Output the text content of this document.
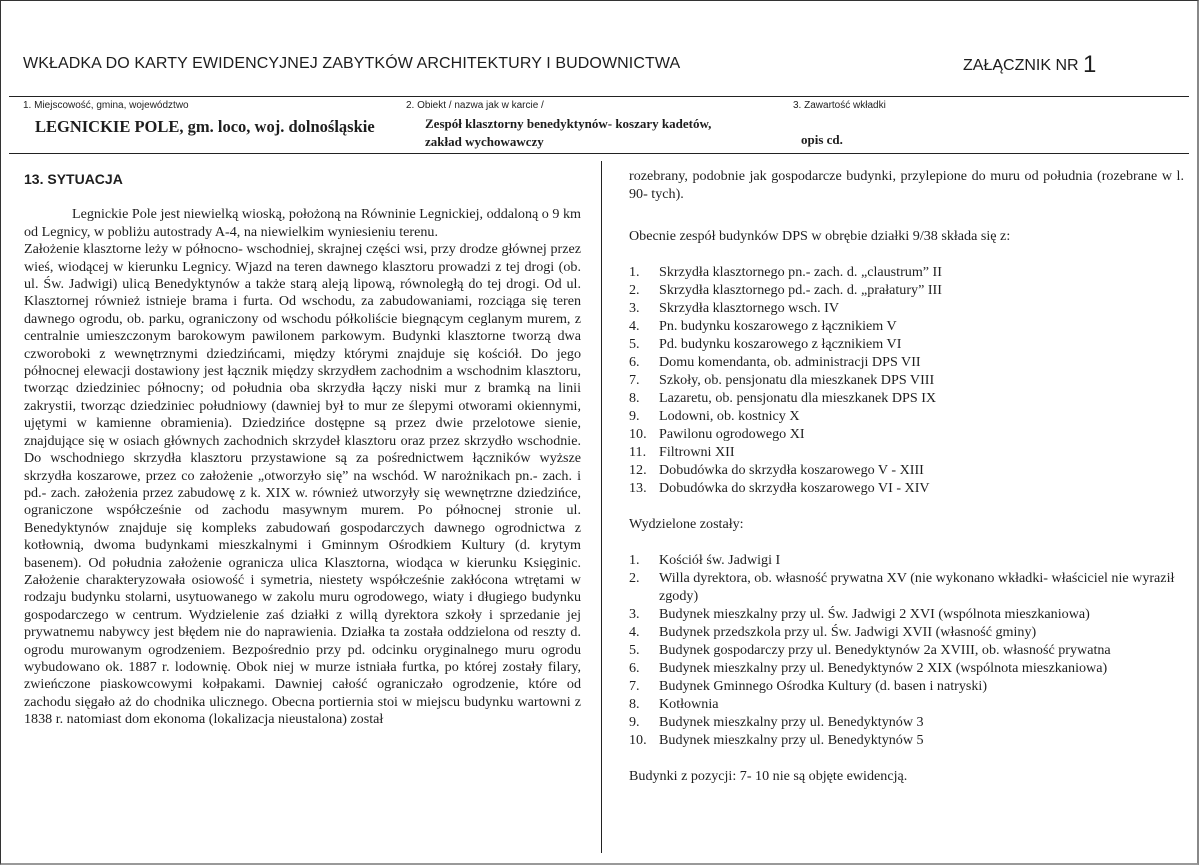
WKŁADKA DO KARTY EWIDENCYJNEJ ZABYTKÓW ARCHITEKTURY I BUDOWNICTWA	ZAŁĄCZNIK NR 1
1. Miejscowość, gmina, województwo	2. Obiekt / nazwa jak w karcie /	3. Zawartość wkładki
LEGNICKIE POLE, gm. loco, woj. dolnośląskie	Zespół klasztorny benedyktynów- koszary kadetów,
zakład wychowawczy	opis cd.
13. SYTUACJA

Legnickie Pole jest niewielką wioską, położoną na Równinie Legnickiej, oddaloną o 9 km od Legnicy, w pobliżu autostrady A-4, na niewielkim wyniesieniu terenu.

Założenie klasztorne leży w północno- wschodniej, skrajnej części wsi, przy drodze głównej przez wieś, wiodącej w kierunku Legnicy. Wjazd na teren dawnego klasztoru prowadzi z tej drogi (ob. ul. Św. Jadwigi) ulicą Benedyktynów a także starą aleją lipową, równoległą do tej drogi. Od ul. Klasztornej również istnieje brama i furta. Od wschodu, za zabudowaniami, rozciąga się teren dawnego ogrodu, ob. parku, ograniczony od wschodu półkoliście biegnącym ceglanym murem, z centralnie umieszczonym barokowym pawilonem parkowym. Budynki klasztorne tworzą dwa czworoboki z wewnętrznymi dziedzińcami, między którymi znajduje się kościół. Do jego północnej elewacji dostawiony jest łącznik między skrzydłem zachodnim a wschodnim klasztoru, tworząc dziedziniec północny; od południa oba skrzydła łączy niski mur z bramką na linii zakrystii, tworząc dziedziniec południowy (dawniej był to mur ze ślepymi otworami okiennymi, ujętymi w kamienne obramienia). Dziedzińce dostępne są przez dwie przelotowe sienie, znajdujące się w osiach głównych zachodnich skrzydeł klasztoru oraz przez skrzydło wschodnie. Do wschodniego skrzydła klasztoru przystawione są za pośrednictwem łączników wyższe skrzydła koszarowe, przez co założenie „otworzyło się” na wschód. W narożnikach pn.- zach. i pd.- zach. założenia przez zabudowę z k. XIX w. również utworzyły się wewnętrzne dziedzińce, ograniczone współcześnie od zachodu masywnym murem. Po północnej stronie ul. Benedyktynów znajduje się kompleks zabudowań gospodarczych dawnego ogrodnictwa z kotłownią, dwoma budynkami mieszkalnymi i Gminnym Ośrodkiem Kultury (d. krytym basenem). Od południa założenie ogranicza ulica Klasztorna, wiodąca w kierunku Księginic. Założenie charakteryzowała osiowość i symetria, niestety współcześnie zakłócona wtrętami w rodzaju budynku stolarni, usytuowanego w zakolu muru ogrodowego, wiaty i długiego budynku gospodarczego w centrum. Wydzielenie zaś działki z willą dyrektora szkoły i sprzedanie jej prywatnemu nabywcy jest błędem nie do naprawienia. Działka ta została oddzielona od reszty d. ogrodu murowanym ogrodzeniem. Bezpośrednio przy pd. odcinku oryginalnego muru ogrodu wybudowano ok. 1887 r. lodownię. Obok niej w murze istniała furtka, po której zostały filary, zwieńczone piaskowcowymi kołpakami. Dawniej całość ograniczało ogrodzenie, które od zachodu sięgało aż do chodnika ulicznego. Obecna portiernia stoi w miejscu budynku wartowni z 1838 r. natomiast dom ekonoma (lokalizacja nieustalona) został

rozebrany, podobnie jak gospodarcze budynki, przylepione do muru od południa (rozebrane w l. 90- tych).

Obecnie zespół budynków DPS w obrębie działki 9/38 składa się z:

1.	Skrzydła klasztornego pn.- zach. d. „claustrum” II
2.	Skrzydła klasztornego pd.- zach. d. „prałatury” III
3.	Skrzydła klasztornego wsch. IV
4.	Pn. budynku koszarowego z łącznikiem V
5.	Pd. budynku koszarowego z łącznikiem VI
6.	Domu komendanta, ob. administracji DPS VII
7.	Szkoły, ob. pensjonatu dla mieszkanek DPS VIII
8.	Lazaretu, ob. pensjonatu dla mieszkanek DPS IX
9.	Lodowni, ob. kostnicy X
10. Pawilonu ogrodowego XI
11. Filtrowni XII
12. Dobudówka do skrzydła koszarowego V - XIII
13. Dobudówka do skrzydła koszarowego VI - XIV

Wydzielone zostały:

1.	Kościół św. Jadwigi I
2.	Willa dyrektora, ob. własność prywatna XV (nie wykonano wkładki- właściciel nie wyraził zgody)
3.	Budynek mieszkalny przy ul. Św. Jadwigi 2 XVI (wspólnota mieszkaniowa)
4.	Budynek przedszkola przy ul. Św. Jadwigi XVII (własność gminy)
5.	Budynek gospodarczy przy ul. Benedyktynów 2a XVIII, ob. własność prywatna
6.	Budynek mieszkalny przy ul. Benedyktynów 2 XIX (wspólnota mieszkaniowa)
7.	Budynek Gminnego Ośrodka Kultury (d. basen i natryski)
8.	Kotłownia
9.	Budynek mieszkalny przy ul. Benedyktynów 3
10. Budynek mieszkalny przy ul. Benedyktynów 5

Budynki z pozycji: 7- 10 nie są objęte ewidencją.
